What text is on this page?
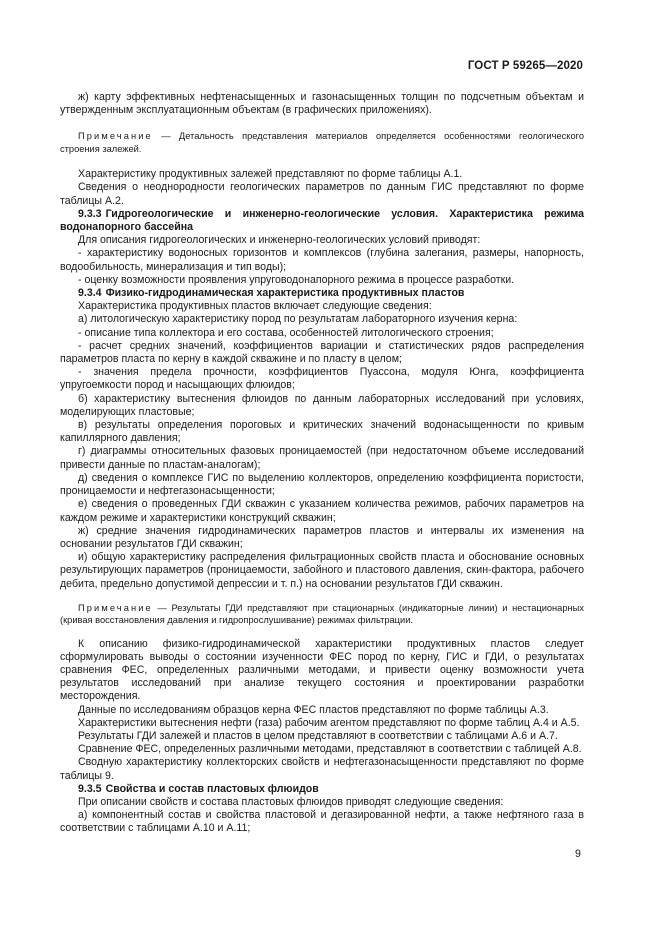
ГОСТ Р 59265—2020

ж) карту эффективных нефтенасыщенных и газонасыщенных толщин по подсчетным объектам и утвержденным эксплуатационным объектам (в графических приложениях).

Примечание — Детальность представления материалов определяется особенностями геологического строения залежей.

Характеристику продуктивных залежей представляют по форме таблицы А.1.

Сведения о неоднородности геологических параметров по данным ГИС представляют по форме таблицы А.2.

9.3.3 Гидрогеологические и инженерно-геологические условия. Характеристика режима водонапорного бассейна

Для описания гидрогеологических и инженерно-геологических условий приводят:

- характеристику водоносных горизонтов и комплексов (глубина залегания, размеры, напорность, водообильность, минерализация и тип воды);

- оценку возможности проявления упруговодонапорного режима в процессе разработки.

9.3.4 Физико-гидродинамическая характеристика продуктивных пластов

Характеристика продуктивных пластов включает следующие сведения:

а) литологическую характеристику пород по результатам лабораторного изучения керна:

- описание типа коллектора и его состава, особенностей литологического строения;

- расчет средних значений, коэффициентов вариации и статистических рядов распределения параметров пласта по керну в каждой скважине и по пласту в целом;

- значения предела прочности, коэффициентов Пуассона, модуля Юнга, коэффициента упругоемкости пород и насыщающих флюидов;

б) характеристику вытеснения флюидов по данным лабораторных исследований при условиях, моделирующих пластовые;

в) результаты определения пороговых и критических значений водонасыщенности по кривым капиллярного давления;

г) диаграммы относительных фазовых проницаемостей (при недостаточном объеме исследований привести данные по пластам-аналогам);

д) сведения о комплексе ГИС по выделению коллекторов, определению коэффициента пористости, проницаемости и нефтегазонасыщенности;

е) сведения о проведенных ГДИ скважин с указанием количества режимов, рабочих параметров на каждом режиме и характеристики конструкций скважин;

ж) средние значения гидродинамических параметров пластов и интервалы их изменения на основании результатов ГДИ скважин;

и) общую характеристику распределения фильтрационных свойств пласта и обоснование основных результирующих параметров (проницаемости, забойного и пластового давления, скин-фактора, рабочего дебита, предельно допустимой депрессии и т. п.) на основании результатов ГДИ скважин.

Примечание — Результаты ГДИ представляют при стационарных (индикаторные линии) и нестационарных (кривая восстановления давления и гидропрослушивание) режимах фильтрации.

К описанию физико-гидродинамической характеристики продуктивных пластов следует сформулировать выводы о состоянии изученности ФЕС пород по керну, ГИС и ГДИ, о результатах сравнения ФЕС, определенных различными методами, и привести оценку возможности учета результатов исследований при анализе текущего состояния и проектировании разработки месторождения.

Данные по исследованиям образцов керна ФЕС пластов представляют по форме таблицы А.3.

Характеристики вытеснения нефти (газа) рабочим агентом представляют по форме таблиц А.4 и А.5.

Результаты ГДИ залежей и пластов в целом представляют в соответствии с таблицами А.6 и А.7.

Сравнение ФЕС, определенных различными методами, представляют в соответствии с таблицей А.8.

Сводную характеристику коллекторских свойств и нефтегазонасыщенности представляют по форме таблицы 9.

9.3.5 Свойства и состав пластовых флюидов

При описании свойств и состава пластовых флюидов приводят следующие сведения:

а) компонентный состав и свойства пластовой и дегазированной нефти, а также нефтяного газа в соответствии с таблицами А.10 и А.11;

9
